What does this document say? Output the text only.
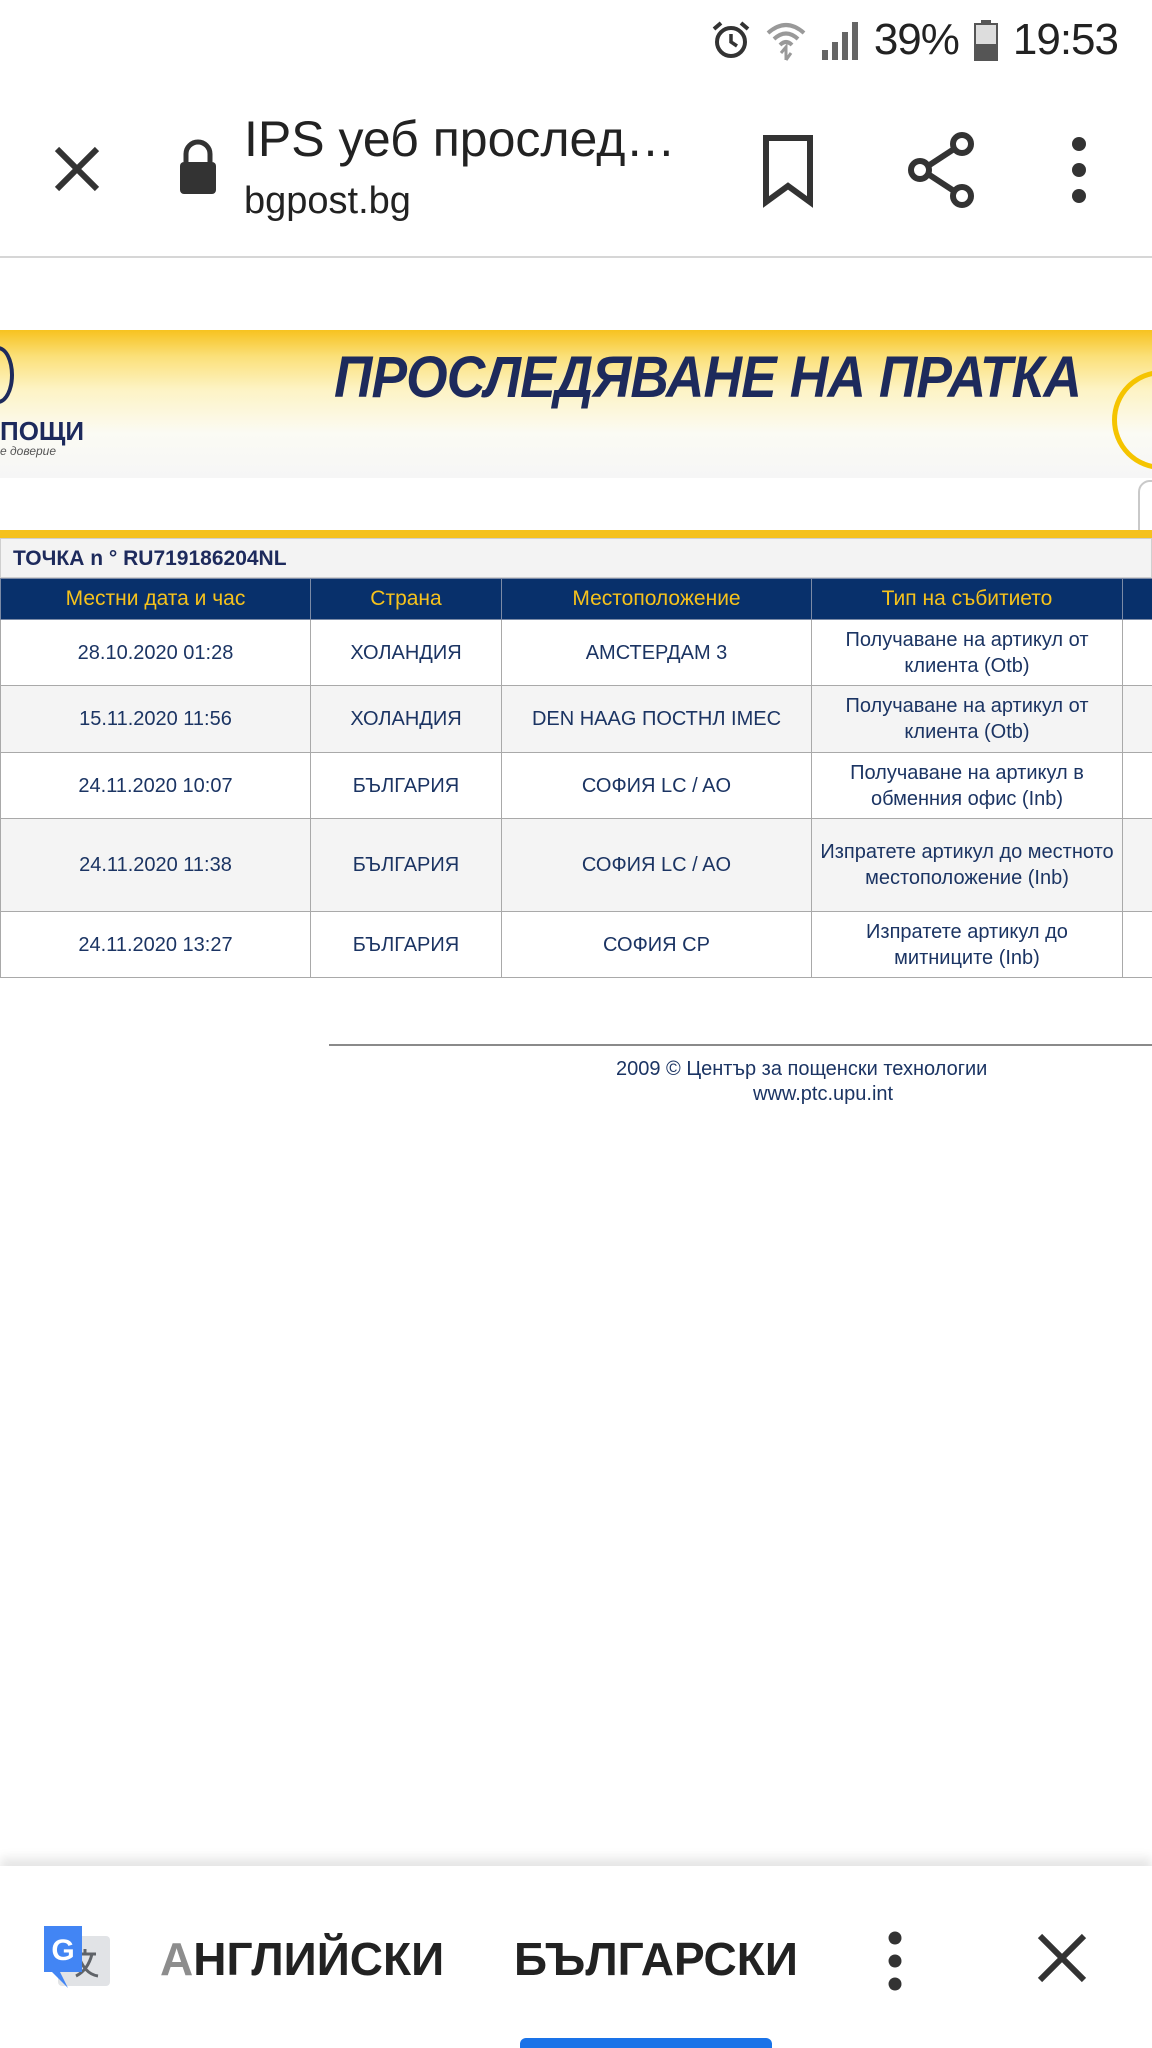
39% 19:53
IPS уеб прослед…
bgpost.bg
ПРОСЛЕДЯВАНЕ НА ПРАТКА
ПОЩИ
е доверие
ТОЧКА n ° RU719186204NL
Местни дата и час	Страна	Местоположение	Тип на събитието	
28.10.2020 01:28	ХОЛАНДИЯ	АМСТЕРДАМ 3	Получаване на артикул от клиента (Otb)	
15.11.2020 11:56	ХОЛАНДИЯ	DEN HAAG ПОСТНЛ IMEC	Получаване на артикул от клиента (Otb)	
24.11.2020 10:07	БЪЛГАРИЯ	СОФИЯ LC / AO	Получаване на артикул в обменния офис (Inb)	
24.11.2020 11:38	БЪЛГАРИЯ	СОФИЯ LC / AO	Изпратете артикул до местното местоположение (Inb)	
24.11.2020 13:27	БЪЛГАРИЯ	СОФИЯ CP	Изпратете артикул до митниците (Inb)	
2009 © Център за пощенски технологии
www.ptc.upu.int
G АНГЛИЙСКИ БЪЛГАРСКИ
